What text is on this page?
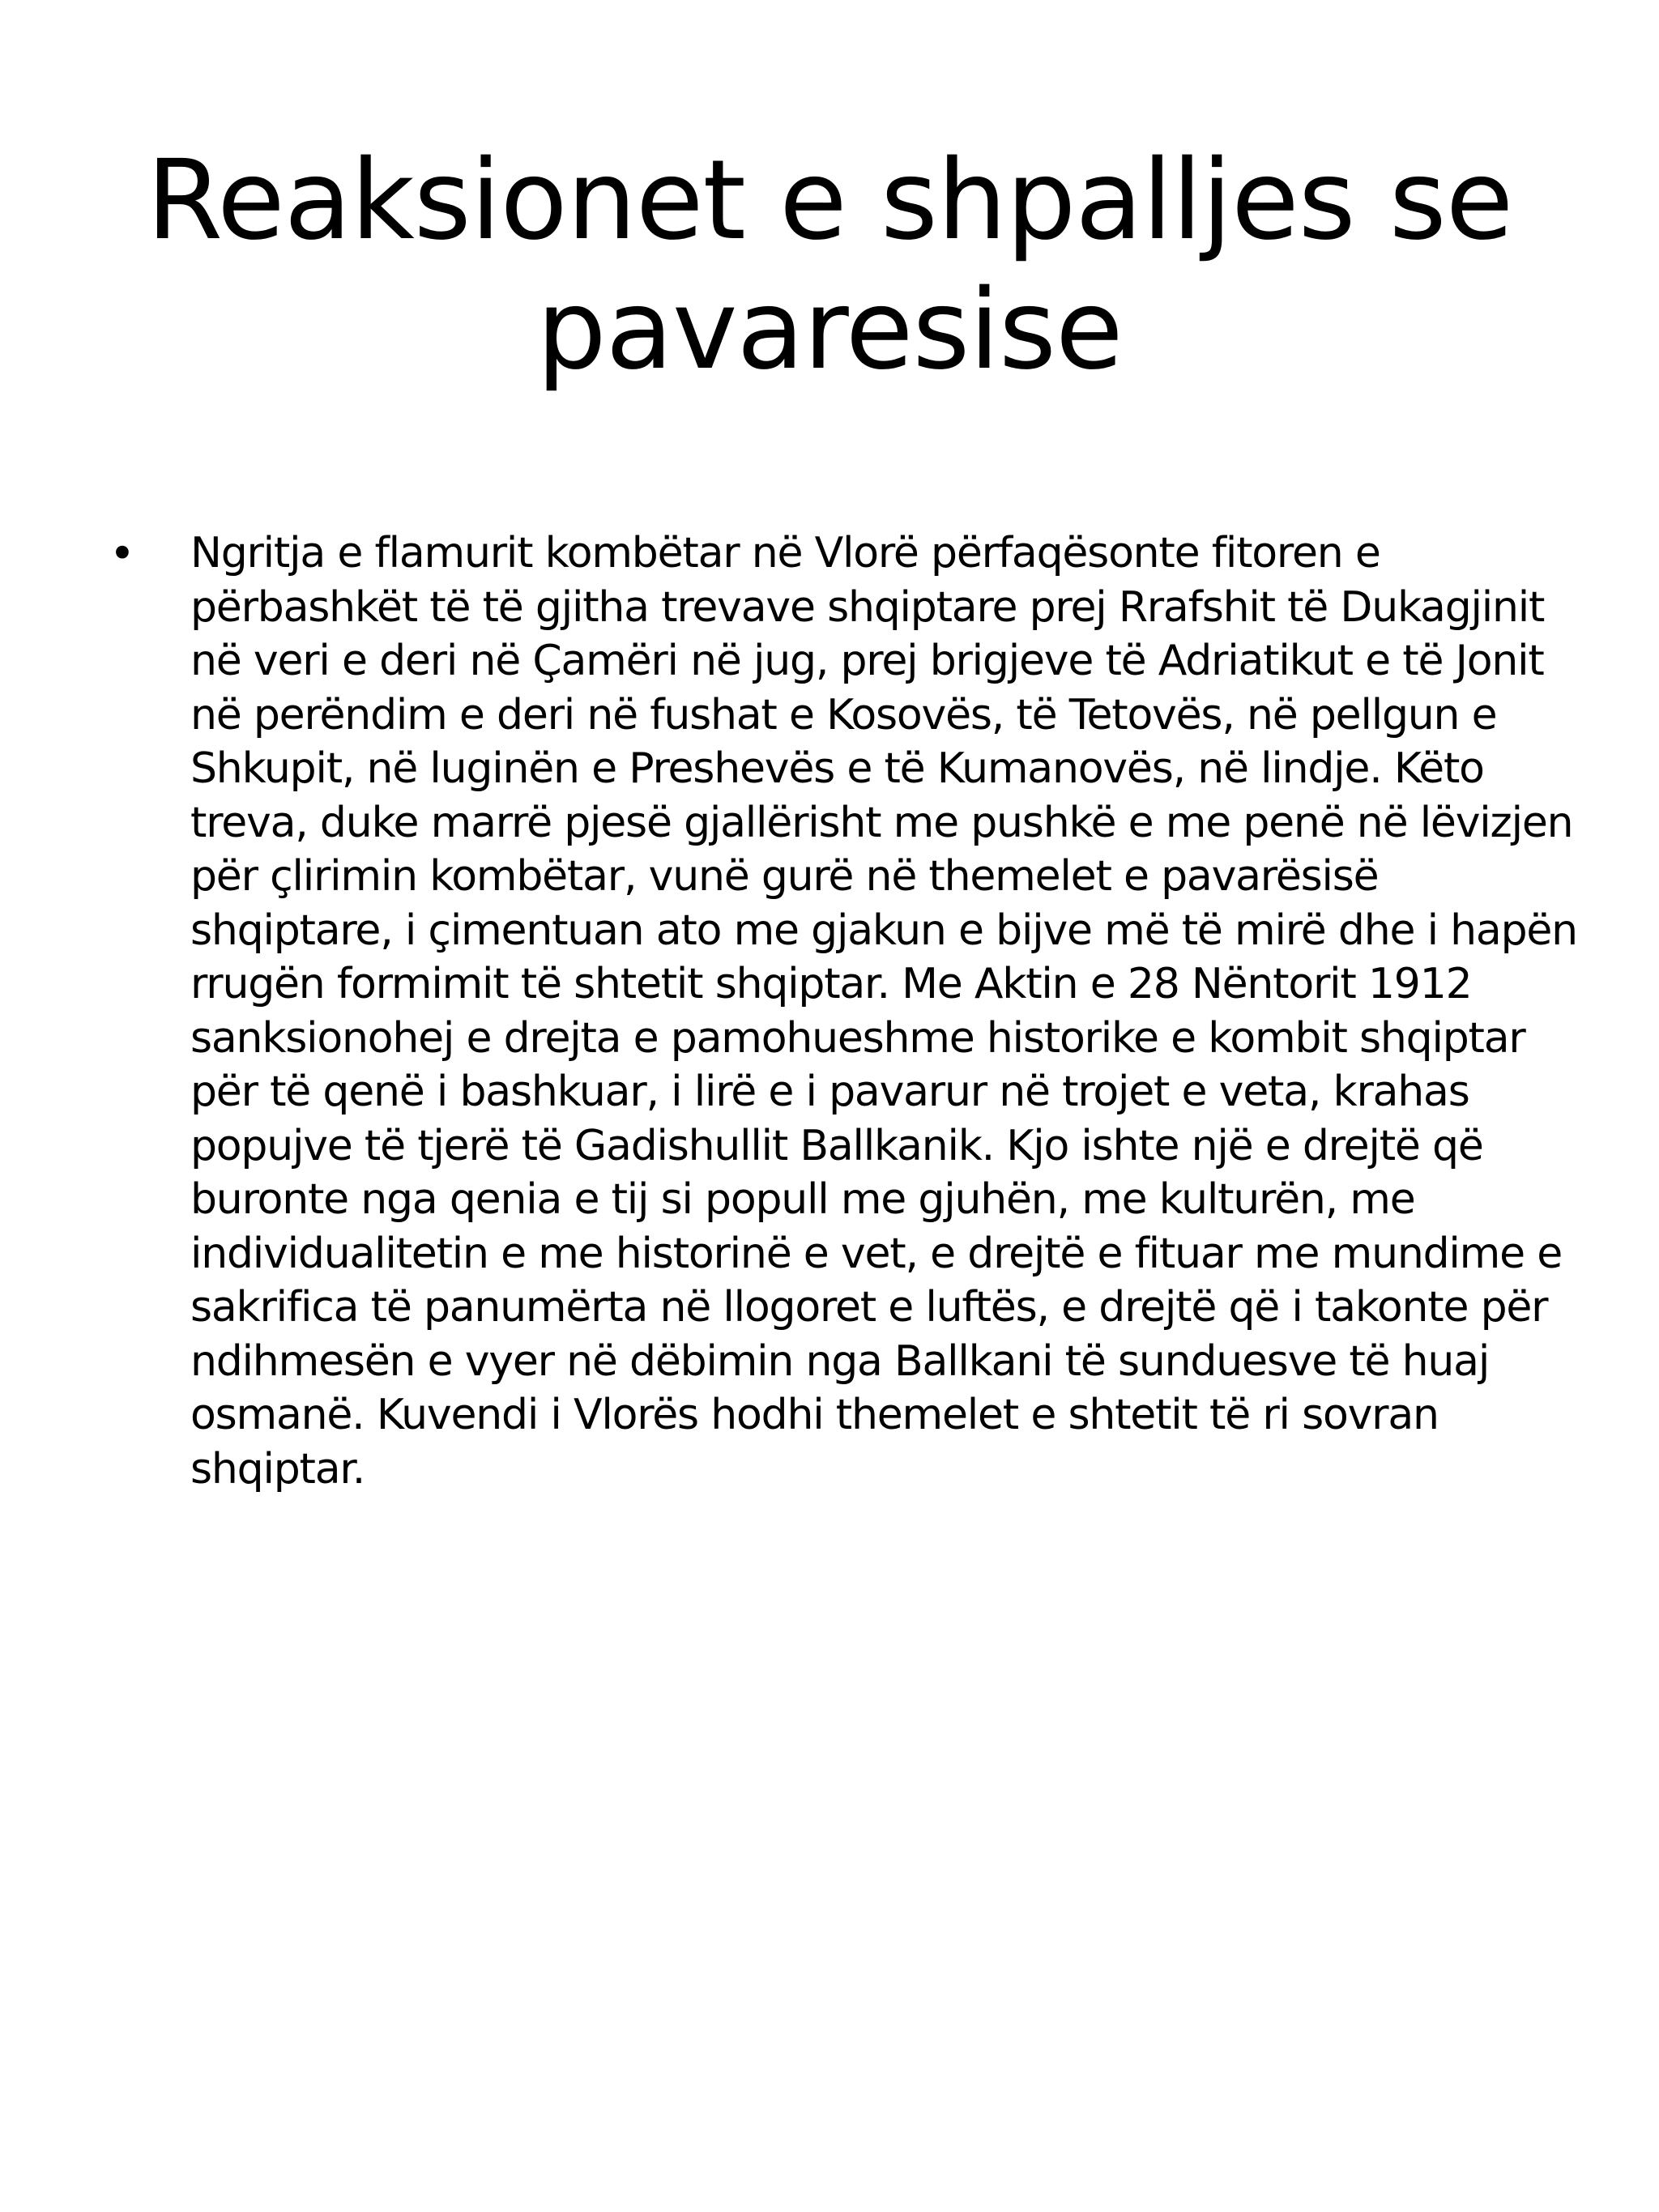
Reaksionet e shpalljes se pavaresise
• Ngritja e flamurit kombëtar në Vlorë përfaqësonte fitoren e përbashkët të të gjitha trevave shqiptare prej Rrafshit të Dukagjinit në veri e deri në Çamëri në jug, prej brigjeve të Adriatikut e të Jonit në perëndim e deri në fushat e Kosovës, të Tetovës, në pellgun e Shkupit, në luginën e Preshevës e të Kumanovës, në lindje. Këto treva, duke marrë pjesë gjallërisht me pushkë e me penë në lëvizjen për çlirimin kombëtar, vunë gurë në themelet e pavarësisë shqiptare, i çimentuan ato me gjakun e bijve më të mirë dhe i hapën rrugën formimit të shtetit shqiptar. Me Aktin e 28 Nëntorit 1912 sanksionohej e drejta e pamohueshme historike e kombit shqiptar për të qenë i bashkuar, i lirë e i pavarur në trojet e veta, krahas popujve të tjerë të Gadishullit Ballkanik. Kjo ishte një e drejtë që buronte nga qenia e tij si popull me gjuhën, me kulturën, me individualitetin e me historinë e vet, e drejtë e fituar me mundime e sakrifica të panumërta në llogoret e luftës, e drejtë që i takonte për ndihmesën e vyer në dëbimin nga Ballkani të sunduesve të huaj osmanë. Kuvendi i Vlorës hodhi themelet e shtetit të ri sovran shqiptar.
